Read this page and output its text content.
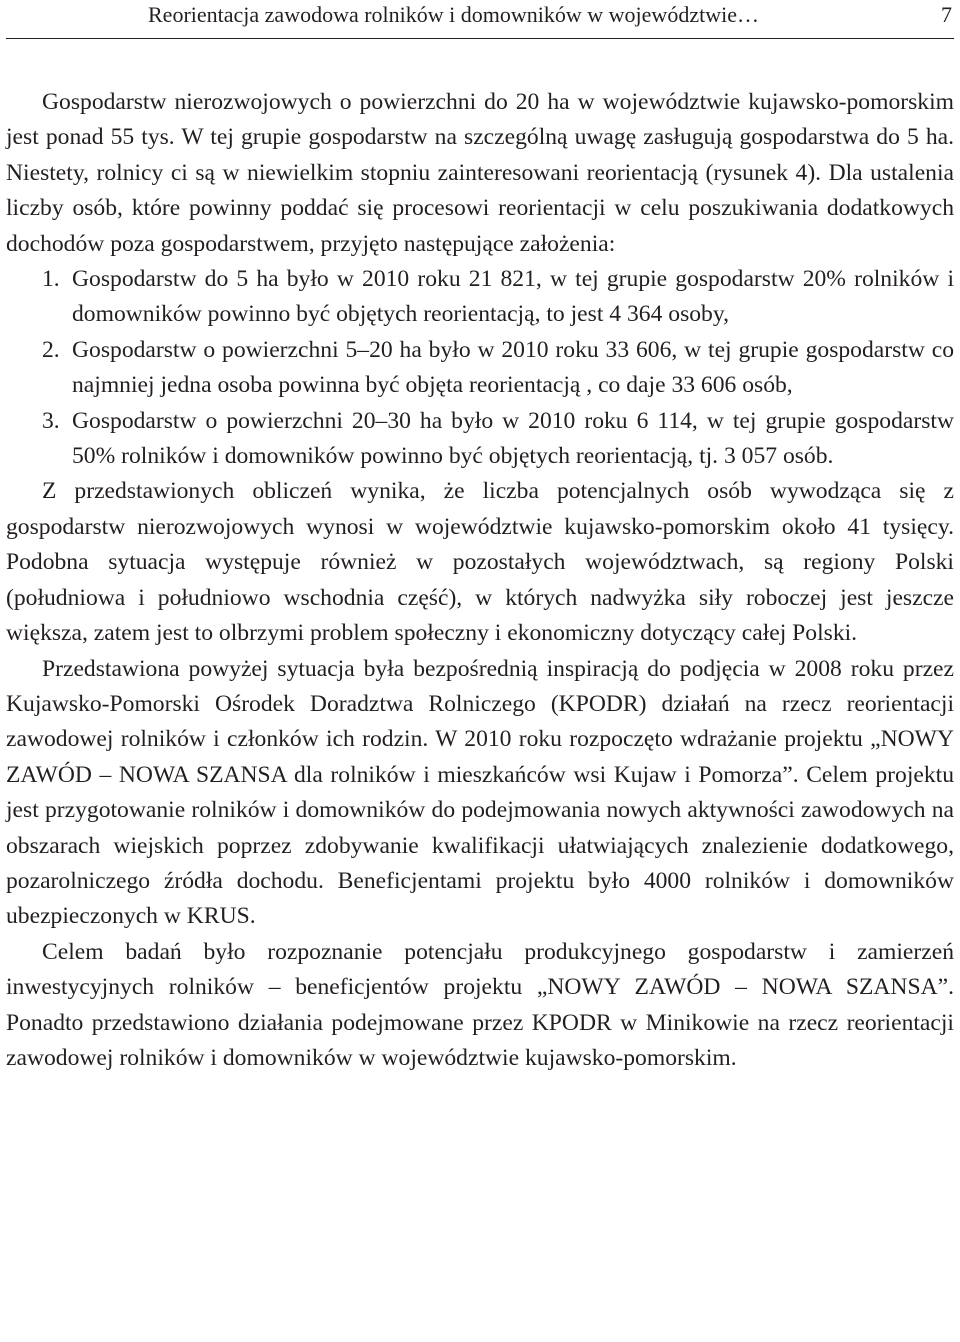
Reorientacja zawodowa rolników i domowników w województwie…	7

Gospodarstw nierozwojowych o powierzchni do 20 ha w województwie kujawsko-pomorskim jest ponad 55 tys. W tej grupie gospodarstw na szczególną uwagę zasługują gospodarstwa do 5 ha. Niestety, rolnicy ci są w niewielkim stopniu zainteresowani reorientacją (rysunek 4). Dla ustalenia liczby osób, które powinny poddać się procesowi reorientacji w celu poszukiwania dodatkowych dochodów poza gospodarstwem, przyjęto następujące założenia:

1. Gospodarstw do 5 ha było w 2010 roku 21 821, w tej grupie gospodarstw 20% rolników i domowników powinno być objętych reorientacją, to jest 4 364 osoby,
2. Gospodarstw o powierzchni 5–20 ha było w 2010 roku 33 606, w tej grupie gospodarstw co najmniej jedna osoba powinna być objęta reorientacją , co daje 33 606 osób,
3. Gospodarstw o powierzchni 20–30 ha było w 2010 roku 6 114, w tej grupie gospodarstw 50% rolników i domowników powinno być objętych reorientacją, tj. 3 057 osób.

Z przedstawionych obliczeń wynika, że liczba potencjalnych osób wywodząca się z gospodarstw nierozwojowych wynosi w województwie kujawsko-pomorskim około 41 tysięcy. Podobna sytuacja występuje również w pozostałych województwach, są regiony Polski (południowa i południowo wschodnia część), w których nadwyżka siły roboczej jest jeszcze większa, zatem jest to olbrzymi problem społeczny i ekonomiczny dotyczący całej Polski.

Przedstawiona powyżej sytuacja była bezpośrednią inspiracją do podjęcia w 2008 roku przez Kujawsko-Pomorski Ośrodek Doradztwa Rolniczego (KPODR) działań na rzecz reorientacji zawodowej rolników i członków ich rodzin. W 2010 roku rozpoczęto wdrażanie projektu „NOWY ZAWÓD – NOWA SZANSA dla rolników i mieszkańców wsi Kujaw i Pomorza”. Celem projektu jest przygotowanie rolników i domowników do podejmowania nowych aktywności zawodowych na obszarach wiejskich poprzez zdobywanie kwalifikacji ułatwiających znalezienie dodatkowego, pozarolniczego źródła dochodu. Beneficjentami projektu było 4000 rolników i domowników ubezpieczonych w KRUS.

Celem badań było rozpoznanie potencjału produkcyjnego gospodarstw i zamierzeń inwestycyjnych rolników – beneficjentów projektu „NOWY ZAWÓD – NOWA SZANSA”. Ponadto przedstawiono działania podejmowane przez KPODR w Minikowie na rzecz reorientacji zawodowej rolników i domowników w województwie kujawsko-pomorskim.
